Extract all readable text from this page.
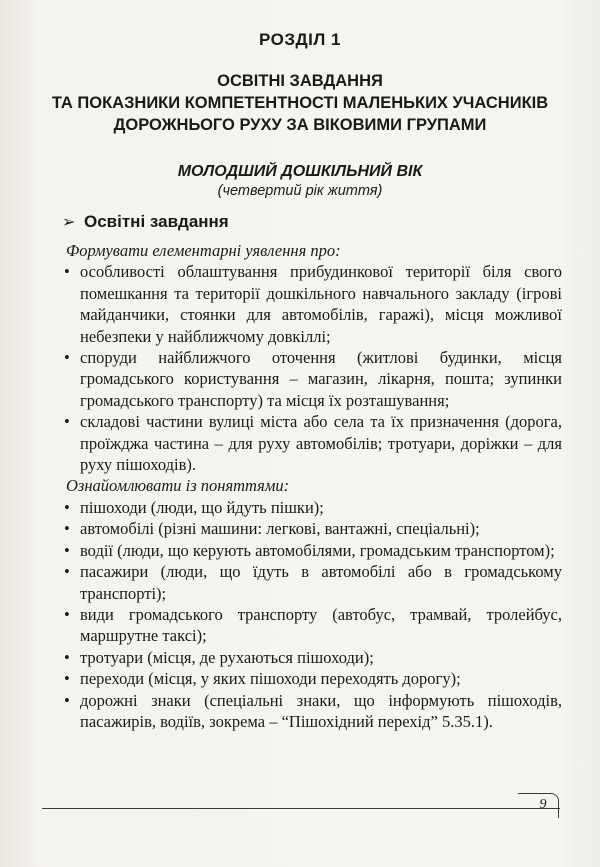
РОЗДІЛ 1
ОСВІТНІ ЗАВДАННЯ
ТА ПОКАЗНИКИ КОМПЕТЕНТНОСТІ МАЛЕНЬКИХ УЧАСНИКІВ
ДОРОЖНЬОГО РУХУ ЗА ВІКОВИМИ ГРУПАМИ
МОЛОДШИЙ ДОШКІЛЬНИЙ ВІК
(четвертий рік життя)
➢ Освітні завдання
Формувати елементарні уявлення про:
• особливості облаштування прибудинкової території біля свого помешкання та території дошкільного навчального закладу (ігрові майданчики, стоянки для автомобілів, гаражі), місця можливої небезпеки у найближчому довкіллі;
• споруди найближчого оточення (житлові будинки, місця громадського користування – магазин, лікарня, пошта; зупинки громадського транспорту) та місця їх розташування;
• складові частини вулиці міста або села та їх призначення (дорога, проїжджа частина – для руху автомобілів; тротуари, доріжки – для руху пішоходів).
Ознайомлювати із поняттями:
• пішоходи (люди, що йдуть пішки);
• автомобілі (різні машини: легкові, вантажні, спеціальні);
• водії (люди, що керують автомобілями, громадським транспортом);
• пасажири (люди, що їдуть в автомобілі або в громадському транспорті);
• види громадського транспорту (автобус, трамвай, тролейбус, маршрутне таксі);
• тротуари (місця, де рухаються пішоходи);
• переходи (місця, у яких пішоходи переходять дорогу);
• дорожні знаки (спеціальні знаки, що інформують пішоходів, пасажирів, водіїв, зокрема – “Пішохідний перехід” 5.35.1).
9
